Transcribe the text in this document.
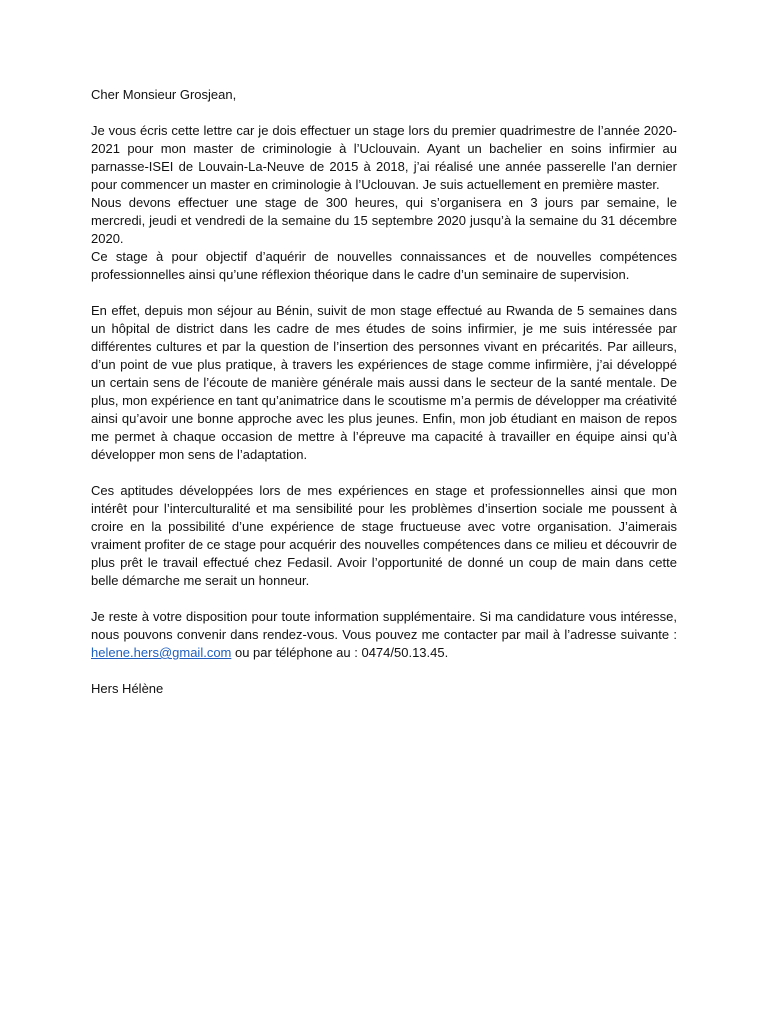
Cher Monsieur Grosjean,

Je vous écris cette lettre car je dois effectuer un stage lors du premier quadrimestre de l’année 2020-2021 pour mon master de criminologie à l’Uclouvain. Ayant un bachelier en soins infirmier au parnasse-ISEI de Louvain-La-Neuve de 2015 à 2018, j’ai réalisé une année passerelle l’an dernier pour commencer un master en criminologie à l’Uclouvan. Je suis actuellement en première master.

Nous devons effectuer une stage de 300 heures, qui s’organisera en 3 jours par semaine, le mercredi, jeudi et vendredi de la semaine du 15 septembre 2020 jusqu’à la semaine du 31 décembre 2020.

Ce stage à pour objectif d’aquérir de nouvelles connaissances et de nouvelles compétences professionnelles ainsi qu’une réflexion théorique dans le cadre d’un seminaire de supervision.

En effet, depuis mon séjour au Bénin, suivit de mon stage effectué au Rwanda de 5 semaines dans un hôpital de district dans les cadre de mes études de soins infirmier, je me suis intéressée par différentes cultures et par la question de l’insertion des personnes vivant en précarités. Par ailleurs, d’un point de vue plus pratique, à travers les expériences de stage comme infirmière, j’ai développé un certain sens de l’écoute de manière générale mais aussi dans le secteur de la santé mentale. De plus, mon expérience en tant qu’animatrice dans le scoutisme m’a permis de développer ma créativité ainsi qu’avoir une bonne approche avec les plus jeunes. Enfin, mon job étudiant en maison de repos me permet à chaque occasion de mettre à l’épreuve ma capacité à travailler en équipe ainsi qu’à développer mon sens de l’adaptation.

Ces aptitudes développées lors de mes expériences en stage et professionnelles ainsi que mon intérêt pour l’interculturalité et ma sensibilité pour les problèmes d’insertion sociale me poussent à croire en la possibilité d’une expérience de stage fructueuse avec votre organisation. J’aimerais vraiment profiter de ce stage pour acquérir des nouvelles compétences dans ce milieu et découvrir de plus prêt le travail effectué chez Fedasil. Avoir l’opportunité de donné un coup de main dans cette belle démarche me serait un honneur.

Je reste à votre disposition pour toute information supplémentaire. Si ma candidature vous intéresse, nous pouvons convenir dans rendez-vous. Vous pouvez me contacter par mail à l’adresse suivante : helene.hers@gmail.com ou par téléphone au : 0474/50.13.45.

Hers Hélène
